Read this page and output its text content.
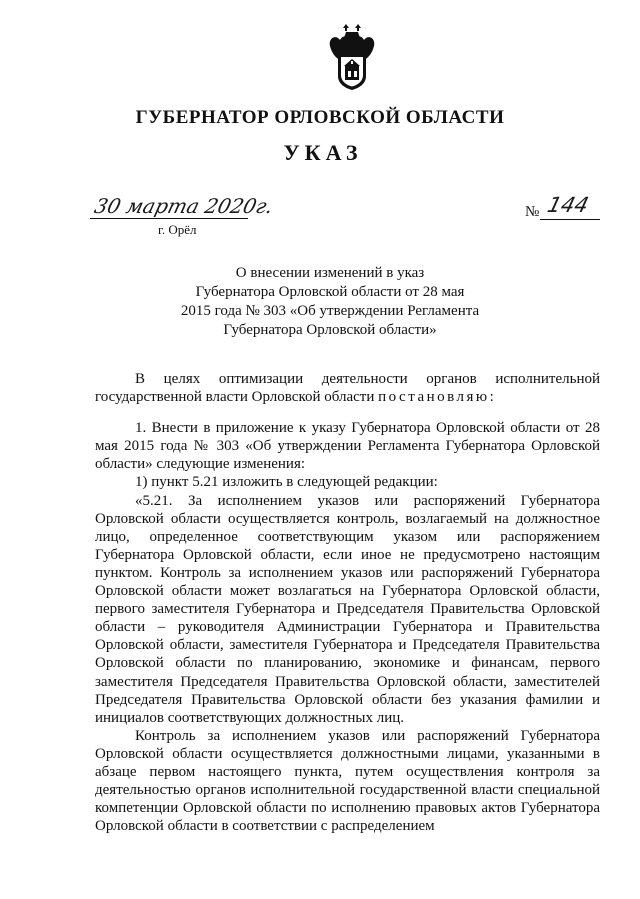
ГУБЕРНАТОР ОРЛОВСКОЙ ОБЛАСТИ
УКАЗ
30 марта 2020г.
г. Орёл
№ 144
О внесении изменений в указ
Губернатора Орловской области от 28 мая
2015 года № 303 «Об утверждении Регламента
Губернатора Орловской области»

В целях оптимизации деятельности органов исполнительной государственной власти Орловской области постановляю:

1. Внести в приложение к указу Губернатора Орловской области от 28 мая 2015 года № 303 «Об утверждении Регламента Губернатора Орловской области» следующие изменения:

1) пункт 5.21 изложить в следующей редакции:

«5.21. За исполнением указов или распоряжений Губернатора Орловской области осуществляется контроль, возлагаемый на должностное лицо, определенное соответствующим указом или распоряжением Губернатора Орловской области, если иное не предусмотрено настоящим пунктом. Контроль за исполнением указов или распоряжений Губернатора Орловской области может возлагаться на Губернатора Орловской области, первого заместителя Губернатора и Председателя Правительства Орловской области – руководителя Администрации Губернатора и Правительства Орловской области, заместителя Губернатора и Председателя Правительства Орловской области по планированию, экономике и финансам, первого заместителя Председателя Правительства Орловской области, заместителей Председателя Правительства Орловской области без указания фамилии и инициалов соответствующих должностных лиц.

Контроль за исполнением указов или распоряжений Губернатора Орловской области осуществляется должностными лицами, указанными в абзаце первом настоящего пункта, путем осуществления контроля за деятельностью органов исполнительной государственной власти специальной компетенции Орловской области по исполнению правовых актов Губернатора Орловской области в соответствии с распределением
